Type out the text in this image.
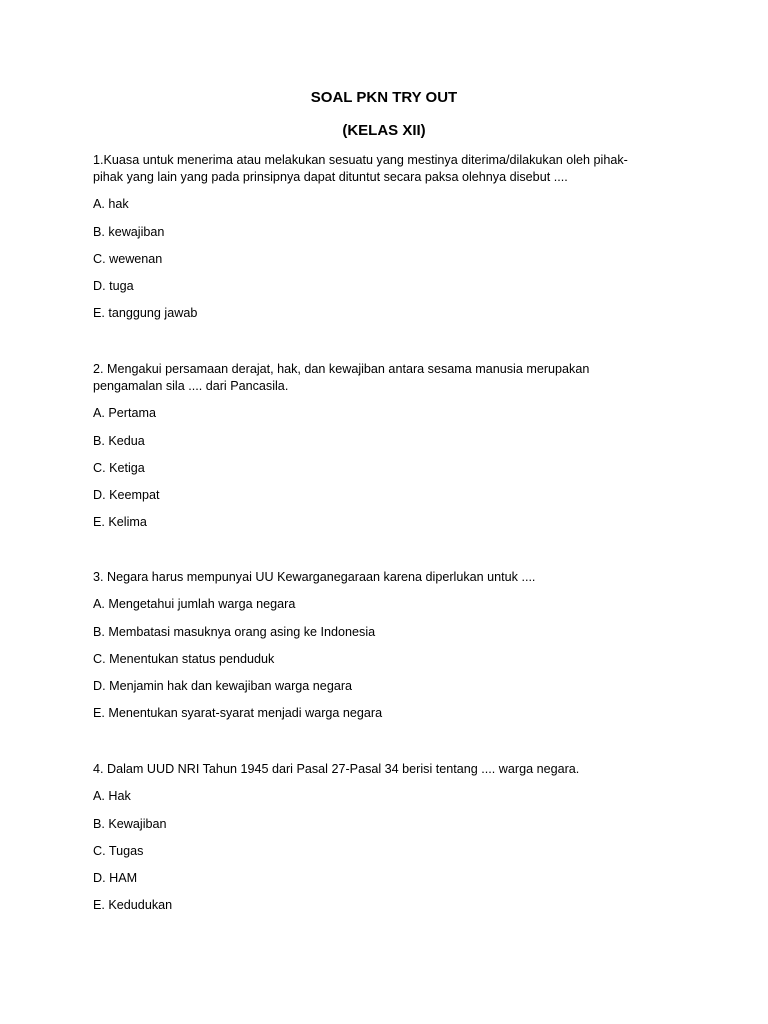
SOAL PKN TRY OUT
(KELAS XII)

1.Kuasa untuk menerima atau melakukan sesuatu yang mestinya diterima/dilakukan oleh pihak-
pihak yang lain yang pada prinsipnya dapat dituntut secara paksa olehnya disebut ....

A. hak

B. kewajiban

C. wewenan

D. tuga

E. tanggung jawab

2. Mengakui persamaan derajat, hak, dan kewajiban antara sesama manusia merupakan
pengamalan sila .... dari Pancasila.

A. Pertama

B. Kedua

C. Ketiga

D. Keempat

E. Kelima

3. Negara harus mempunyai UU Kewarganegaraan karena diperlukan untuk ....

A. Mengetahui jumlah warga negara

B. Membatasi masuknya orang asing ke Indonesia

C. Menentukan status penduduk

D. Menjamin hak dan kewajiban warga negara

E. Menentukan syarat-syarat menjadi warga negara

4. Dalam UUD NRI Tahun 1945 dari Pasal 27-Pasal 34 berisi tentang .... warga negara.

A. Hak

B. Kewajiban

C. Tugas

D. HAM

E. Kedudukan
